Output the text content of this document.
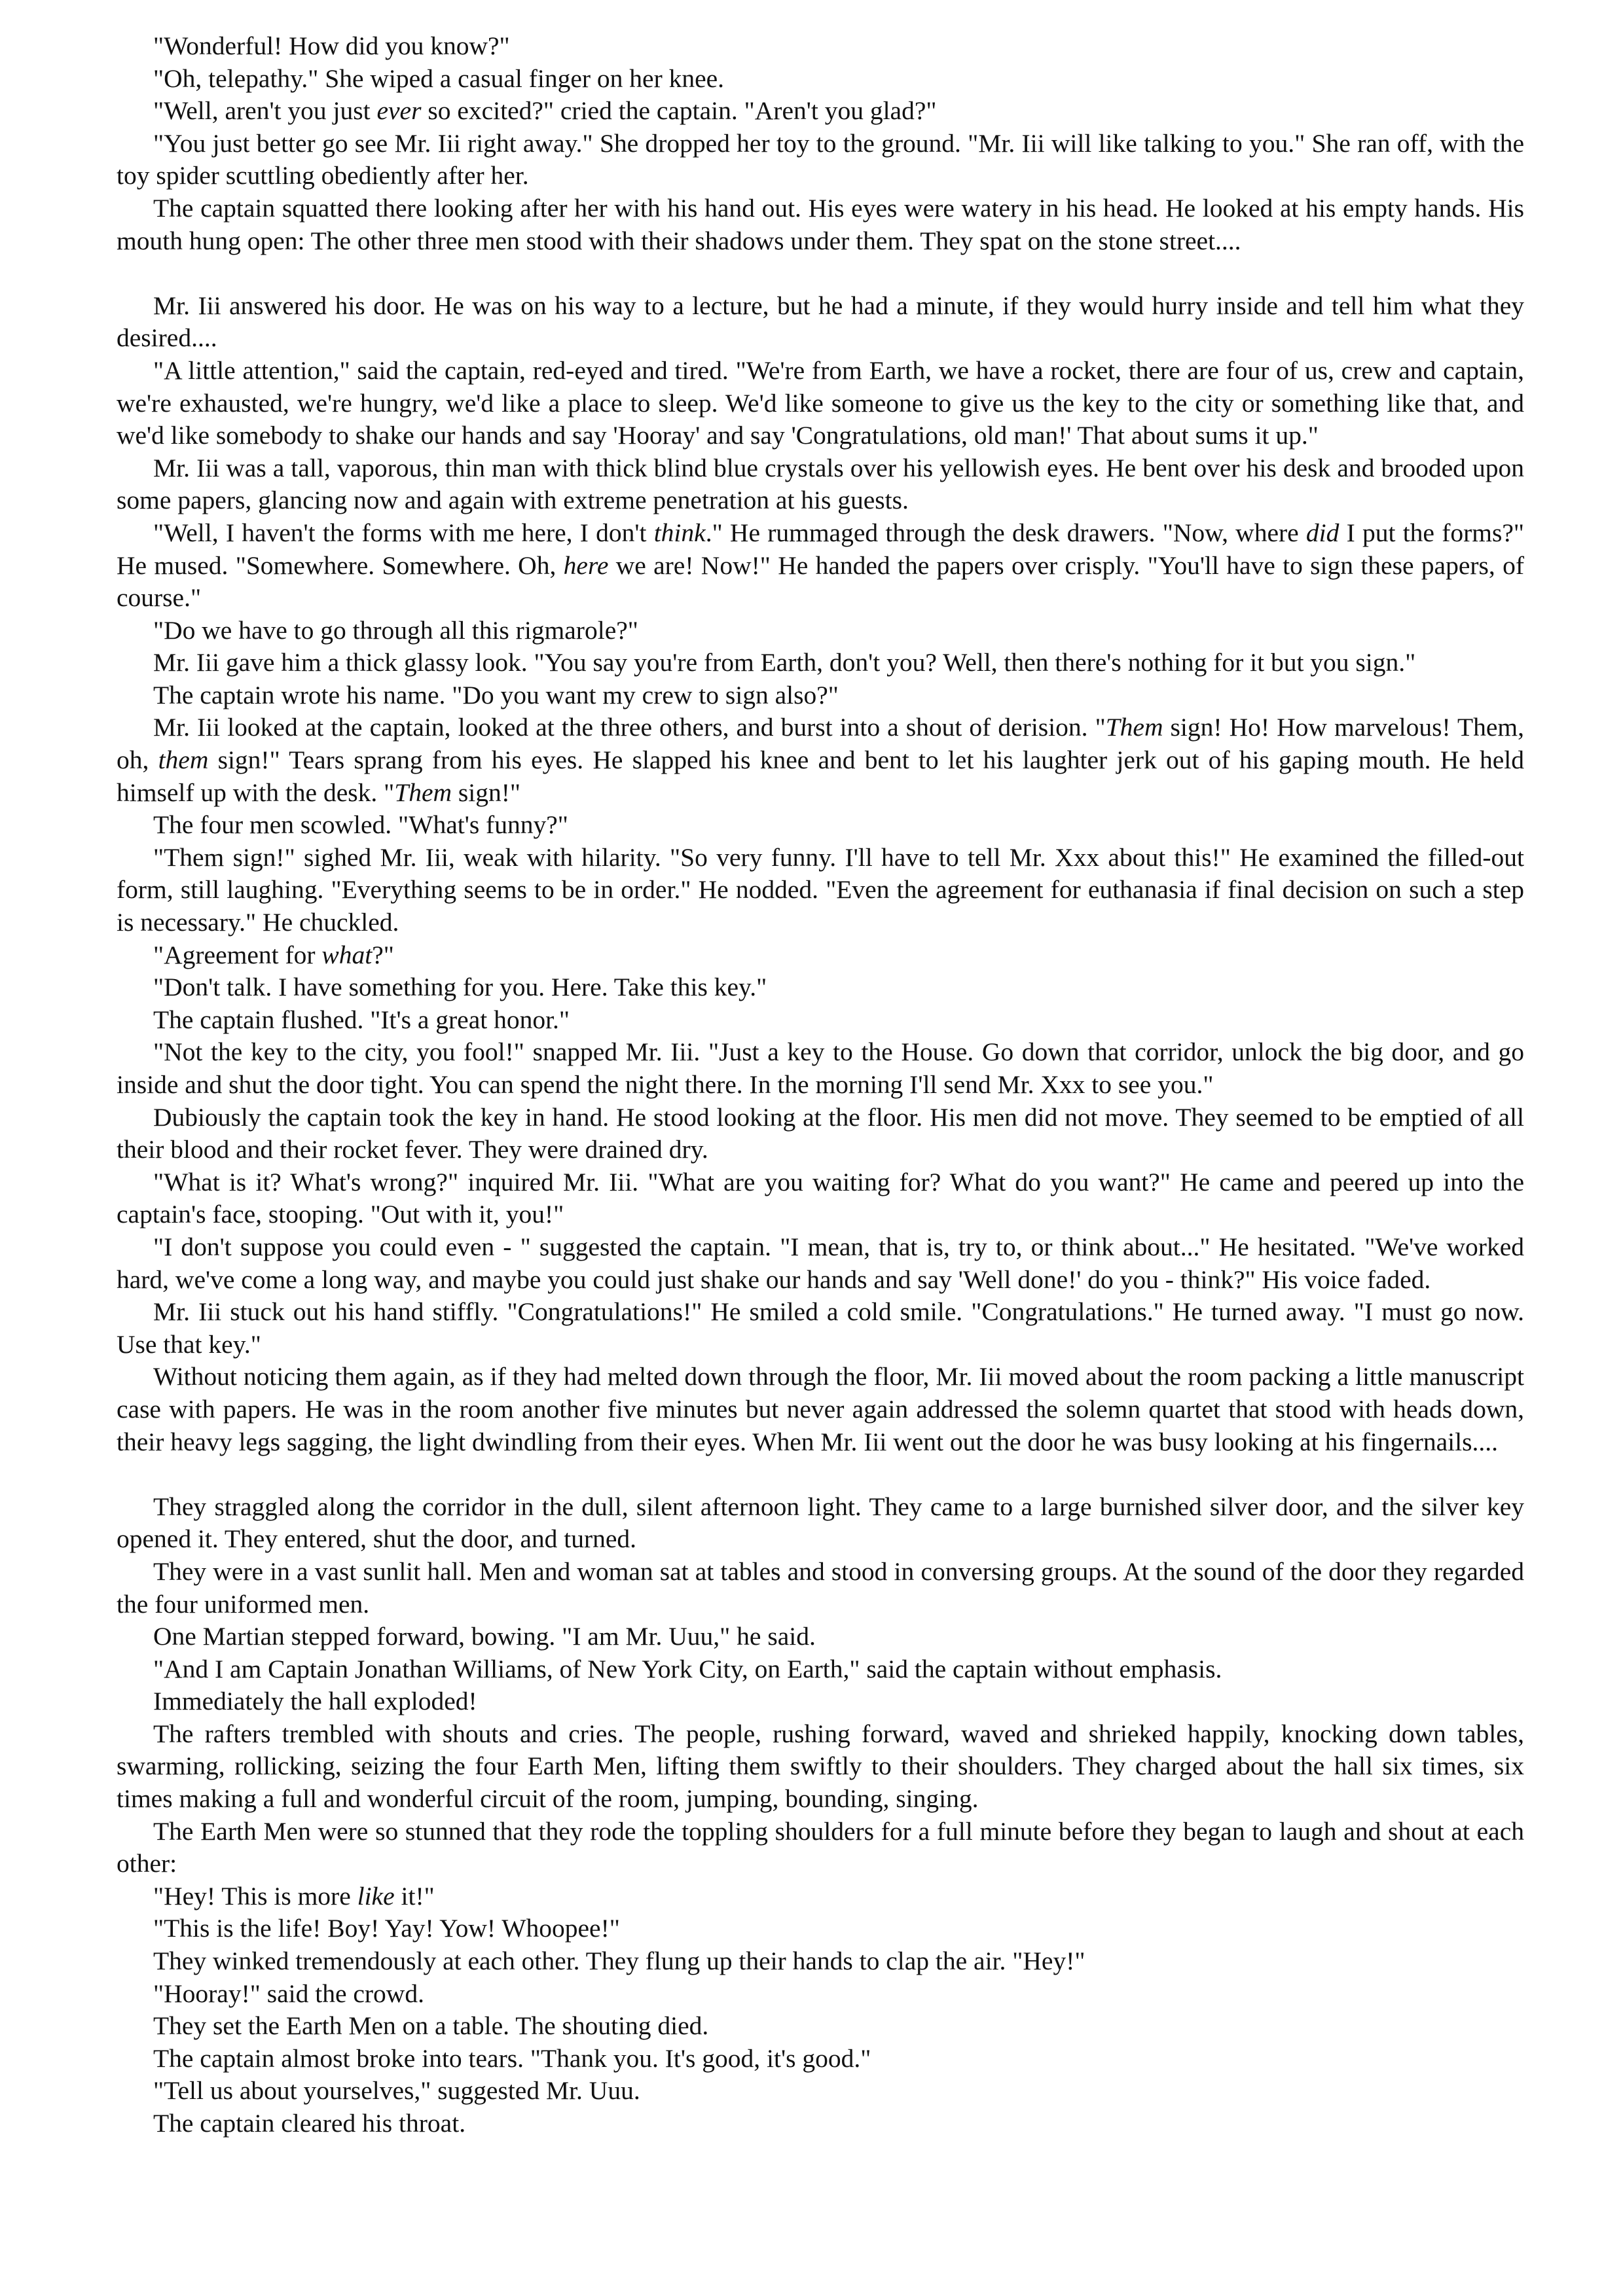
"Wonderful! How did you know?"

"Oh, telepathy." She wiped a casual finger on her knee.

"Well, aren't you just ever so excited?" cried the captain. "Aren't you glad?"

"You just better go see Mr. Iii right away." She dropped her toy to the ground. "Mr. Iii will like talking to you." She ran off, with the toy spider scuttling obediently after her.

The captain squatted there looking after her with his hand out. His eyes were watery in his head. He looked at his empty hands. His mouth hung open: The other three men stood with their shadows under them. They spat on the stone street....

Mr. Iii answered his door. He was on his way to a lecture, but he had a minute, if they would hurry inside and tell him what they desired....

"A little attention," said the captain, red-eyed and tired. "We're from Earth, we have a rocket, there are four of us, crew and captain, we're exhausted, we're hungry, we'd like a place to sleep. We'd like someone to give us the key to the city or something like that, and we'd like somebody to shake our hands and say 'Hooray' and say 'Congratulations, old man!' That about sums it up."

Mr. Iii was a tall, vaporous, thin man with thick blind blue crystals over his yellowish eyes. He bent over his desk and brooded upon some papers, glancing now and again with extreme penetration at his guests.

"Well, I haven't the forms with me here, I don't think." He rummaged through the desk drawers. "Now, where did I put the forms?" He mused. "Somewhere. Somewhere. Oh, here we are! Now!" He handed the papers over crisply. "You'll have to sign these papers, of course."

"Do we have to go through all this rigmarole?"

Mr. Iii gave him a thick glassy look. "You say you're from Earth, don't you? Well, then there's nothing for it but you sign."

The captain wrote his name. "Do you want my crew to sign also?"

Mr. Iii looked at the captain, looked at the three others, and burst into a shout of derision. "Them sign! Ho! How marvelous! Them, oh, them sign!" Tears sprang from his eyes. He slapped his knee and bent to let his laughter jerk out of his gaping mouth. He held himself up with the desk. "Them sign!"

The four men scowled. "What's funny?"

"Them sign!" sighed Mr. Iii, weak with hilarity. "So very funny. I'll have to tell Mr. Xxx about this!" He examined the filled-out form, still laughing. "Everything seems to be in order." He nodded. "Even the agreement for euthanasia if final decision on such a step is necessary." He chuckled.

"Agreement for what?"

"Don't talk. I have something for you. Here. Take this key."

The captain flushed. "It's a great honor."

"Not the key to the city, you fool!" snapped Mr. Iii. "Just a key to the House. Go down that corridor, unlock the big door, and go inside and shut the door tight. You can spend the night there. In the morning I'll send Mr. Xxx to see you."

Dubiously the captain took the key in hand. He stood looking at the floor. His men did not move. They seemed to be emptied of all their blood and their rocket fever. They were drained dry.

"What is it? What's wrong?" inquired Mr. Iii. "What are you waiting for? What do you want?" He came and peered up into the captain's face, stooping. "Out with it, you!"

"I don't suppose you could even - " suggested the captain. "I mean, that is, try to, or think about..." He hesitated. "We've worked hard, we've come a long way, and maybe you could just shake our hands and say 'Well done!' do you - think?" His voice faded.

Mr. Iii stuck out his hand stiffly. "Congratulations!" He smiled a cold smile. "Congratulations." He turned away. "I must go now. Use that key."

Without noticing them again, as if they had melted down through the floor, Mr. Iii moved about the room packing a little manuscript case with papers. He was in the room another five minutes but never again addressed the solemn quartet that stood with heads down, their heavy legs sagging, the light dwindling from their eyes. When Mr. Iii went out the door he was busy looking at his fingernails....

They straggled along the corridor in the dull, silent afternoon light. They came to a large burnished silver door, and the silver key opened it. They entered, shut the door, and turned.

They were in a vast sunlit hall. Men and woman sat at tables and stood in conversing groups. At the sound of the door they regarded the four uniformed men.

One Martian stepped forward, bowing. "I am Mr. Uuu," he said.

"And I am Captain Jonathan Williams, of New York City, on Earth," said the captain without emphasis.

Immediately the hall exploded!

The rafters trembled with shouts and cries. The people, rushing forward, waved and shrieked happily, knocking down tables, swarming, rollicking, seizing the four Earth Men, lifting them swiftly to their shoulders. They charged about the hall six times, six times making a full and wonderful circuit of the room, jumping, bounding, singing.

The Earth Men were so stunned that they rode the toppling shoulders for a full minute before they began to laugh and shout at each other:

"Hey! This is more like it!"

"This is the life! Boy! Yay! Yow! Whoopee!"

They winked tremendously at each other. They flung up their hands to clap the air. "Hey!"

"Hooray!" said the crowd.

They set the Earth Men on a table. The shouting died.

The captain almost broke into tears. "Thank you. It's good, it's good."

"Tell us about yourselves," suggested Mr. Uuu.

The captain cleared his throat.
